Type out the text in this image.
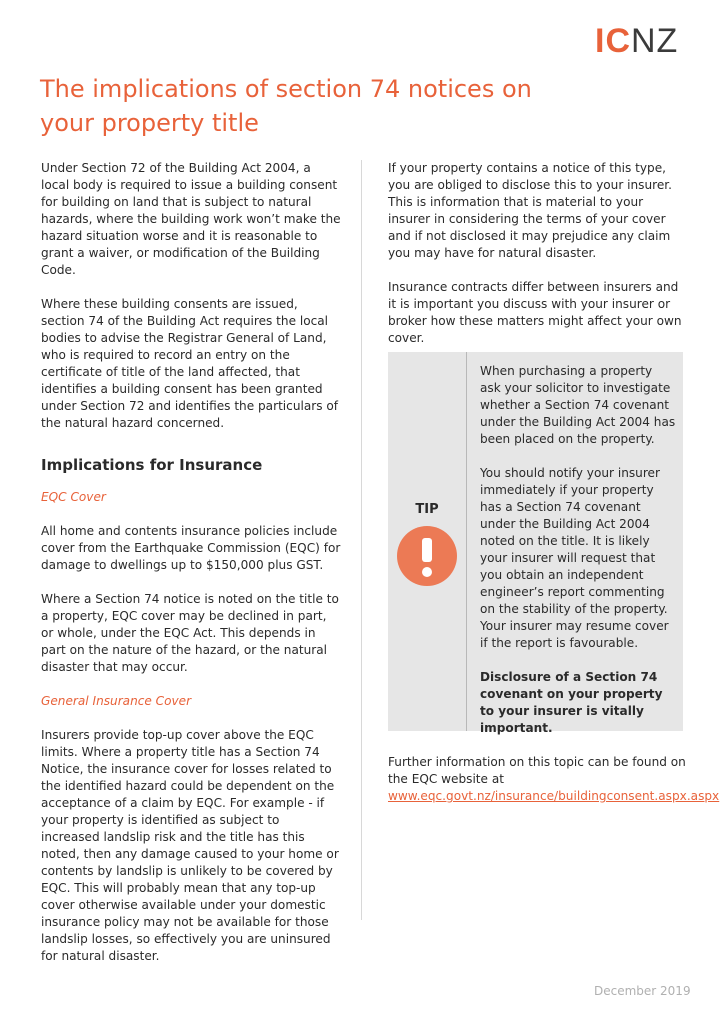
ICNZ
The implications of section 74 notices on your property title

Under Section 72 of the Building Act 2004, a local body is required to issue a building consent for building on land that is subject to natural hazards, where the building work won’t make the hazard situation worse and it is reasonable to grant a waiver, or modification of the Building Code.

Where these building consents are issued, section 74 of the Building Act requires the local bodies to advise the Registrar General of Land, who is required to record an entry on the certificate of title of the land affected, that identifies a building consent has been granted under Section 72 and identifies the particulars of the natural hazard concerned.

Implications for Insurance

EQC Cover

All home and contents insurance policies include cover from the Earthquake Commission (EQC) for damage to dwellings up to $150,000 plus GST.

Where a Section 74 notice is noted on the title to a property, EQC cover may be declined in part, or whole, under the EQC Act. This depends in part on the nature of the hazard, or the natural disaster that may occur.

General Insurance Cover

Insurers provide top-up cover above the EQC limits. Where a property title has a Section 74 Notice, the insurance cover for losses related to the identified hazard could be dependent on the acceptance of a claim by EQC. For example - if your property is identified as subject to increased landslip risk and the title has this noted, then any damage caused to your home or contents by landslip is unlikely to be covered by EQC. This will probably mean that any top-up cover otherwise available under your domestic insurance policy may not be available for those landslip losses, so effectively you are uninsured for natural disaster.

If your property contains a notice of this type, you are obliged to disclose this to your insurer. This is information that is material to your insurer in considering the terms of your cover and if not disclosed it may prejudice any claim you may have for natural disaster.

Insurance contracts differ between insurers and it is important you discuss with your insurer or broker how these matters might affect your own cover.

TIP

When purchasing a property ask your solicitor to investigate whether a Section 74 covenant under the Building Act 2004 has been placed on the property.

You should notify your insurer immediately if your property has a Section 74 covenant under the Building Act 2004 noted on the title. It is likely your insurer will request that you obtain an independent engineer’s report commenting on the stability of the property. Your insurer may resume cover if the report is favourable.

Disclosure of a Section 74 covenant on your property to your insurer is vitally important.

Further information on this topic can be found on the EQC website at www.eqc.govt.nz/insurance/buildingconsent.aspx.aspx

December 2019
